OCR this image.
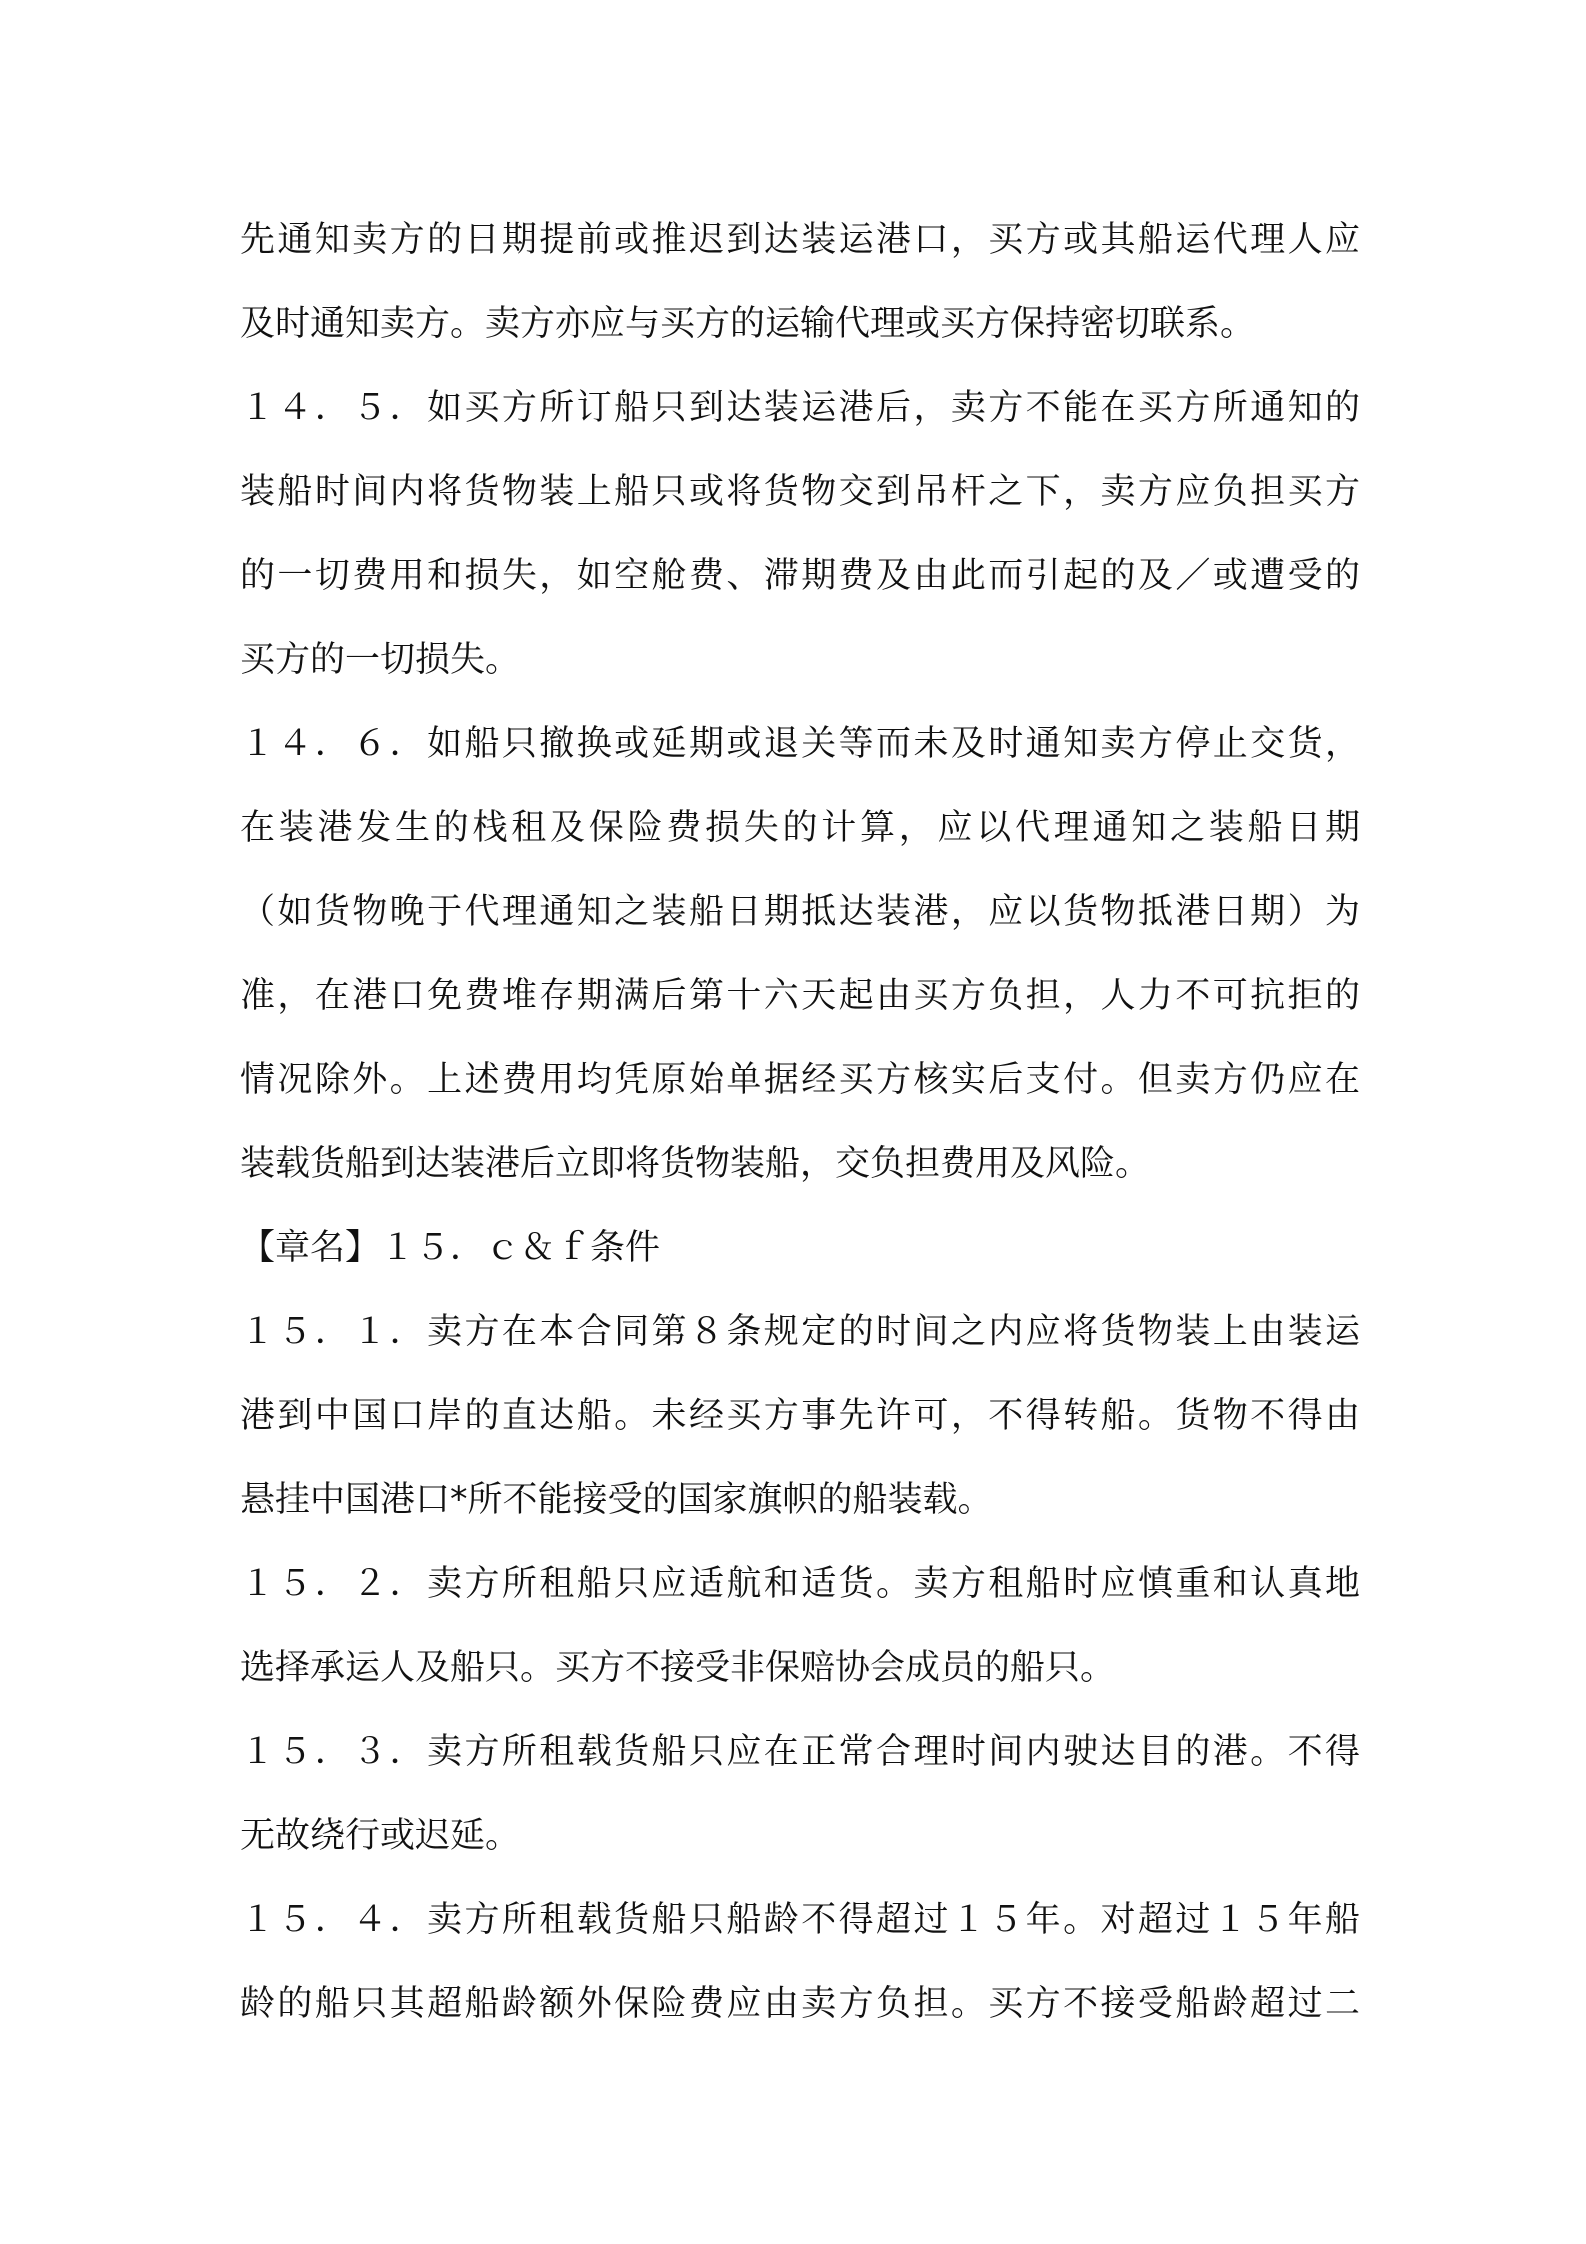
先通知卖方的日期提前或推迟到达装运港口，买方或其船运代理人应
及时通知卖方。卖方亦应与买方的运输代理或买方保持密切联系。
１４．５．如买方所订船只到达装运港后，卖方不能在买方所通知的
装船时间内将货物装上船只或将货物交到吊杆之下，卖方应负担买方
的一切费用和损失，如空舱费、滞期费及由此而引起的及／或遭受的
买方的一切损失。
１４．６．如船只撤换或延期或退关等而未及时通知卖方停止交货，
在装港发生的栈租及保险费损失的计算，应以代理通知之装船日期
（如货物晚于代理通知之装船日期抵达装港，应以货物抵港日期）为
准，在港口免费堆存期满后第十六天起由买方负担，人力不可抗拒的
情况除外。上述费用均凭原始单据经买方核实后支付。但卖方仍应在
装载货船到达装港后立即将货物装船，交负担费用及风险。
【章名】１５．ｃ＆ｆ条件
１５．１．卖方在本合同第８条规定的时间之内应将货物装上由装运
港到中国口岸的直达船。未经买方事先许可，不得转船。货物不得由
悬挂中国港口*所不能接受的国家旗帜的船装载。
１５．２．卖方所租船只应适航和适货。卖方租船时应慎重和认真地
选择承运人及船只。买方不接受非保赔协会成员的船只。
１５．３．卖方所租载货船只应在正常合理时间内驶达目的港。不得
无故绕行或迟延。
１５．４．卖方所租载货船只船龄不得超过１５年。对超过１５年船
龄的船只其超船龄额外保险费应由卖方负担。买方不接受船龄超过二
